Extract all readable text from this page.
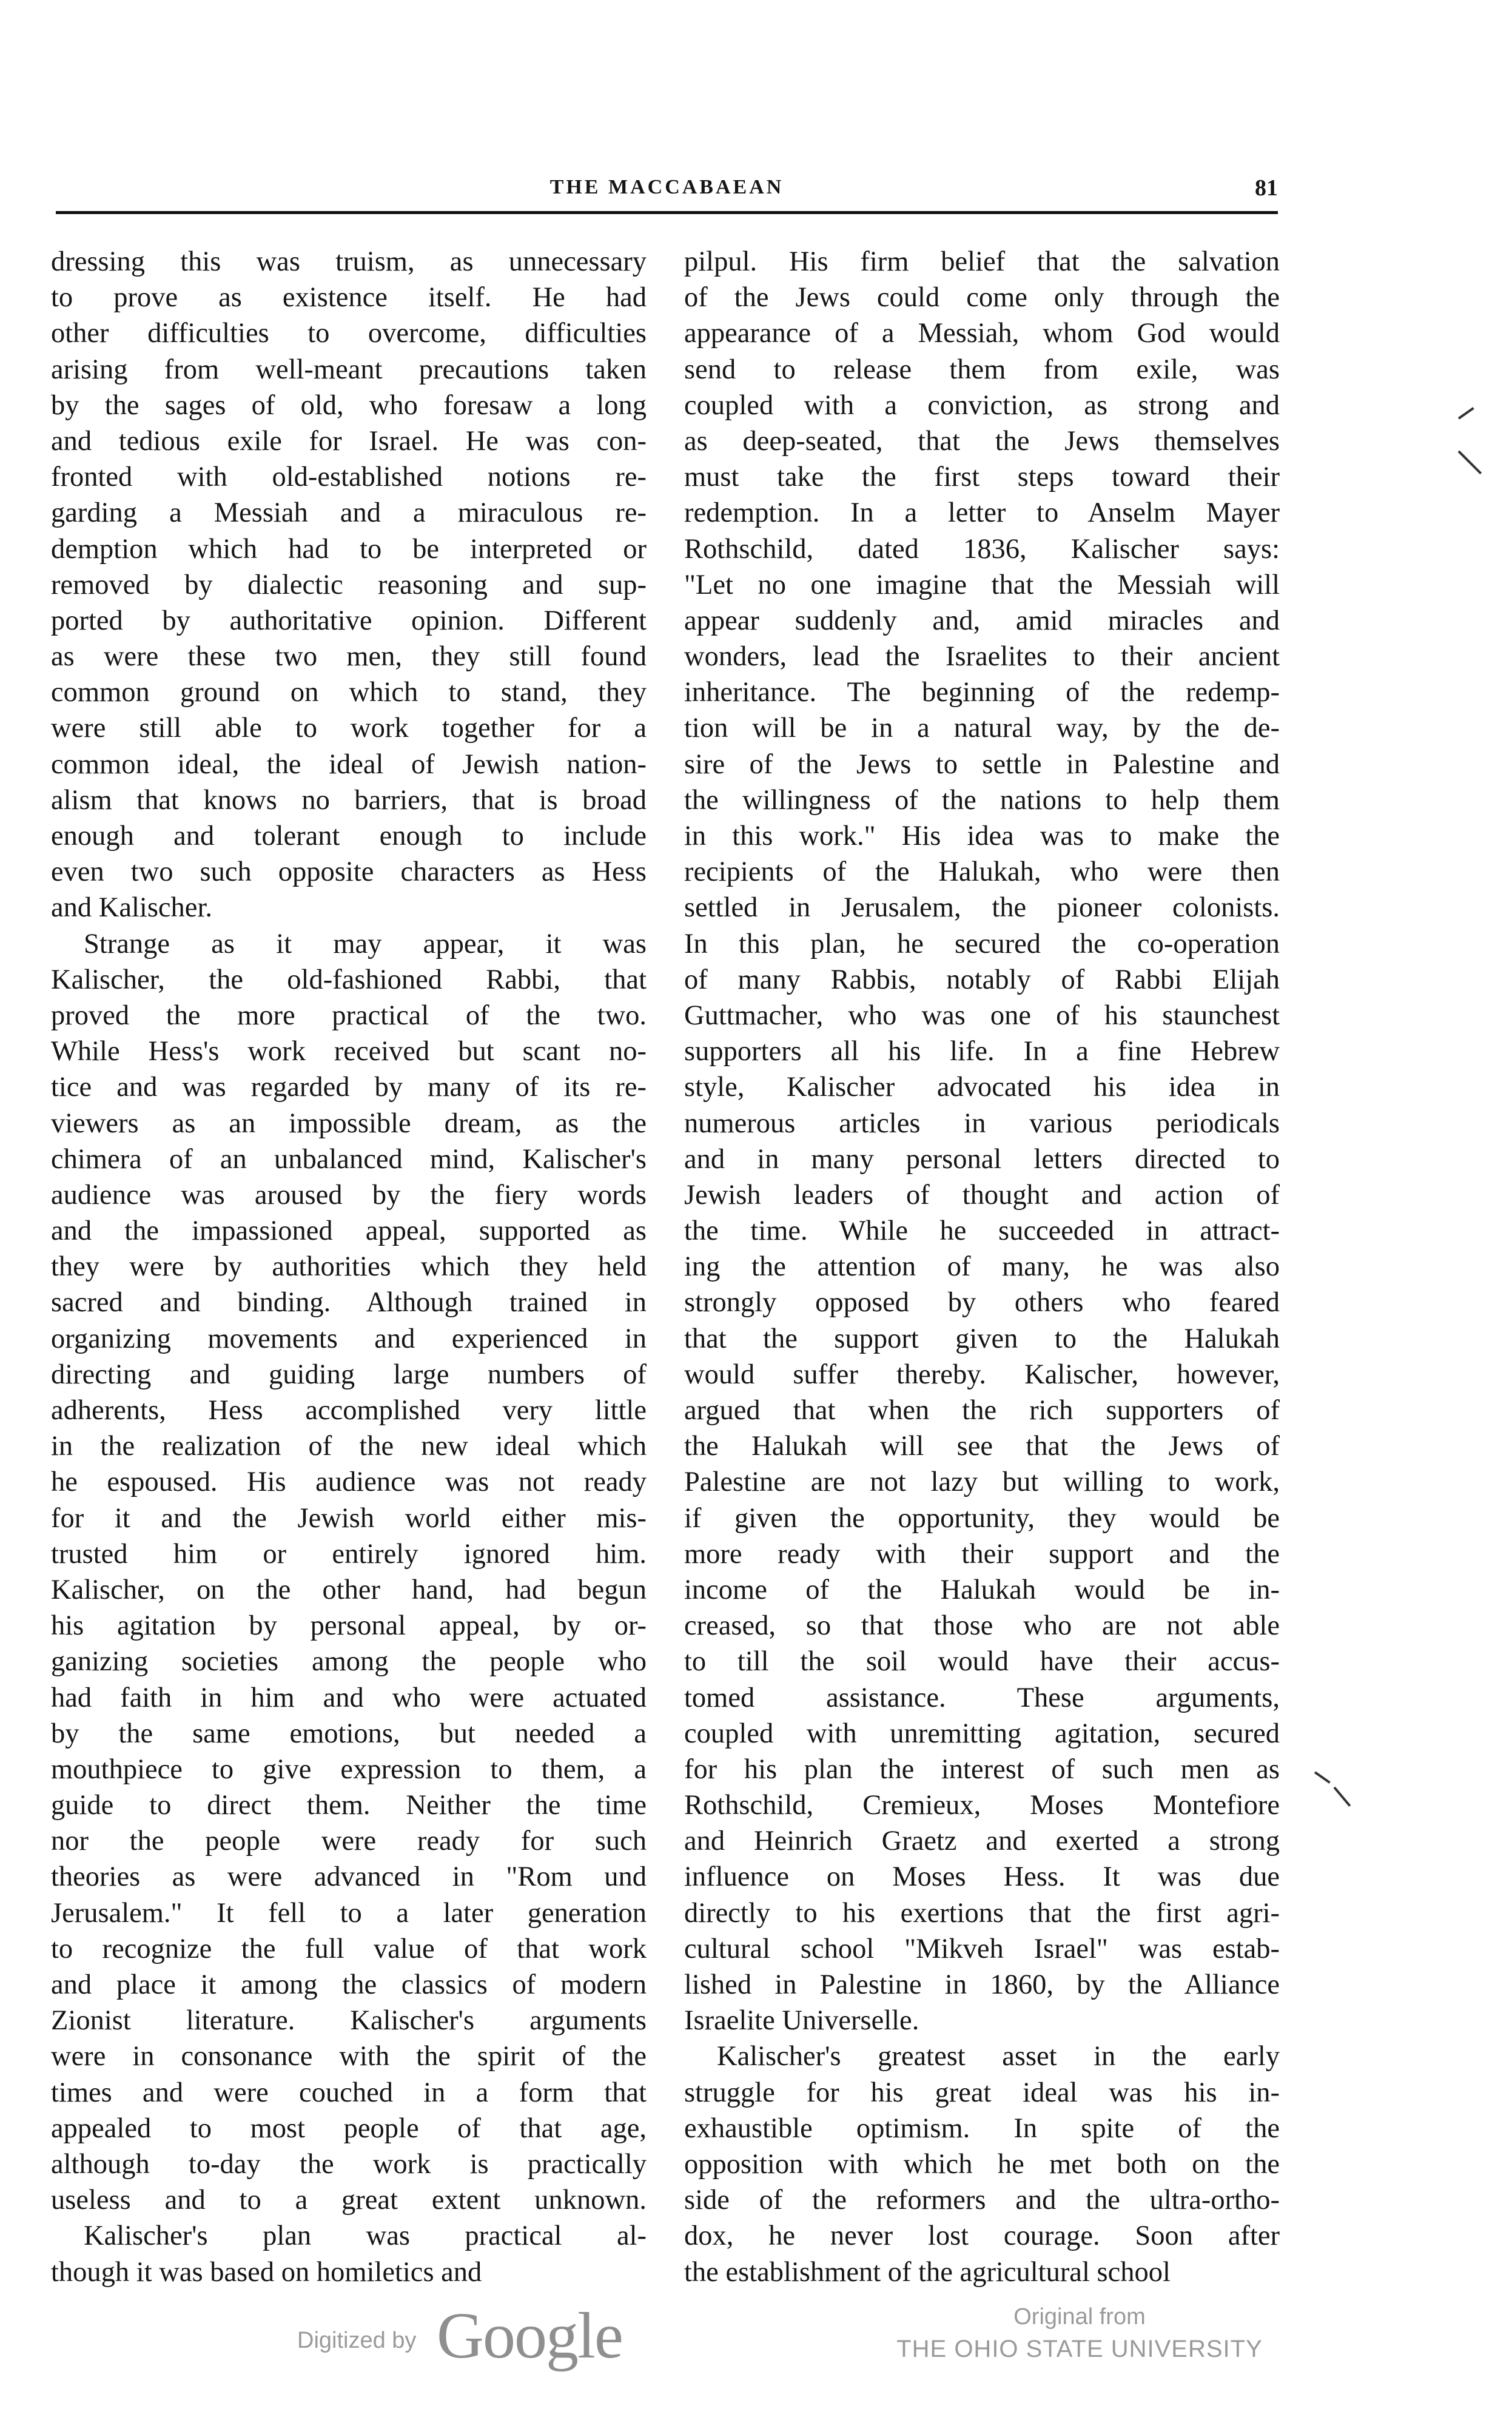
THE MACCABAEAN	81
dressing this was truism, as unnecessary
to prove as existence itself. He had
other difficulties to overcome, difficulties
arising from well-meant precautions taken
by the sages of old, who foresaw a long
and tedious exile for Israel. He was con-
fronted with old-established notions re-
garding a Messiah and a miraculous re-
demption which had to be interpreted or
removed by dialectic reasoning and sup-
ported by authoritative opinion. Different
as were these two men, they still found
common ground on which to stand, they
were still able to work together for a
common ideal, the ideal of Jewish nation-
alism that knows no barriers, that is broad
enough and tolerant enough to include
even two such opposite characters as Hess
and Kalischer.
Strange as it may appear, it was
Kalischer, the old-fashioned Rabbi, that
proved the more practical of the two.
While Hess's work received but scant no-
tice and was regarded by many of its re-
viewers as an impossible dream, as the
chimera of an unbalanced mind, Kalischer's
audience was aroused by the fiery words
and the impassioned appeal, supported as
they were by authorities which they held
sacred and binding. Although trained in
organizing movements and experienced in
directing and guiding large numbers of
adherents, Hess accomplished very little
in the realization of the new ideal which
he espoused. His audience was not ready
for it and the Jewish world either mis-
trusted him or entirely ignored him.
Kalischer, on the other hand, had begun
his agitation by personal appeal, by or-
ganizing societies among the people who
had faith in him and who were actuated
by the same emotions, but needed a
mouthpiece to give expression to them, a
guide to direct them. Neither the time
nor the people were ready for such
theories as were advanced in "Rom und
Jerusalem." It fell to a later generation
to recognize the full value of that work
and place it among the classics of modern
Zionist literature. Kalischer's arguments
were in consonance with the spirit of the
times and were couched in a form that
appealed to most people of that age,
although to-day the work is practically
useless and to a great extent unknown.
Kalischer's plan was practical al-
though it was based on homiletics and
pilpul. His firm belief that the salvation
of the Jews could come only through the
appearance of a Messiah, whom God would
send to release them from exile, was
coupled with a conviction, as strong and
as deep-seated, that the Jews themselves
must take the first steps toward their
redemption. In a letter to Anselm Mayer
Rothschild, dated 1836, Kalischer says:
"Let no one imagine that the Messiah will
appear suddenly and, amid miracles and
wonders, lead the Israelites to their ancient
inheritance. The beginning of the redemp-
tion will be in a natural way, by the de-
sire of the Jews to settle in Palestine and
the willingness of the nations to help them
in this work." His idea was to make the
recipients of the Halukah, who were then
settled in Jerusalem, the pioneer colonists.
In this plan, he secured the co-operation
of many Rabbis, notably of Rabbi Elijah
Guttmacher, who was one of his staunchest
supporters all his life. In a fine Hebrew
style, Kalischer advocated his idea in
numerous articles in various periodicals
and in many personal letters directed to
Jewish leaders of thought and action of
the time. While he succeeded in attract-
ing the attention of many, he was also
strongly opposed by others who feared
that the support given to the Halukah
would suffer thereby. Kalischer, however,
argued that when the rich supporters of
the Halukah will see that the Jews of
Palestine are not lazy but willing to work,
if given the opportunity, they would be
more ready with their support and the
income of the Halukah would be in-
creased, so that those who are not able
to till the soil would have their accus-
tomed assistance. These arguments,
coupled with unremitting agitation, secured
for his plan the interest of such men as
Rothschild, Cremieux, Moses Montefiore
and Heinrich Graetz and exerted a strong
influence on Moses Hess. It was due
directly to his exertions that the first agri-
cultural school "Mikveh Israel" was estab-
lished in Palestine in 1860, by the Alliance
Israelite Universelle.
Kalischer's greatest asset in the early
struggle for his great ideal was his in-
exhaustible optimism. In spite of the
opposition with which he met both on the
side of the reformers and the ultra-ortho-
dox, he never lost courage. Soon after
the establishment of the agricultural school
Digitized by Google	Original from
THE OHIO STATE UNIVERSITY
